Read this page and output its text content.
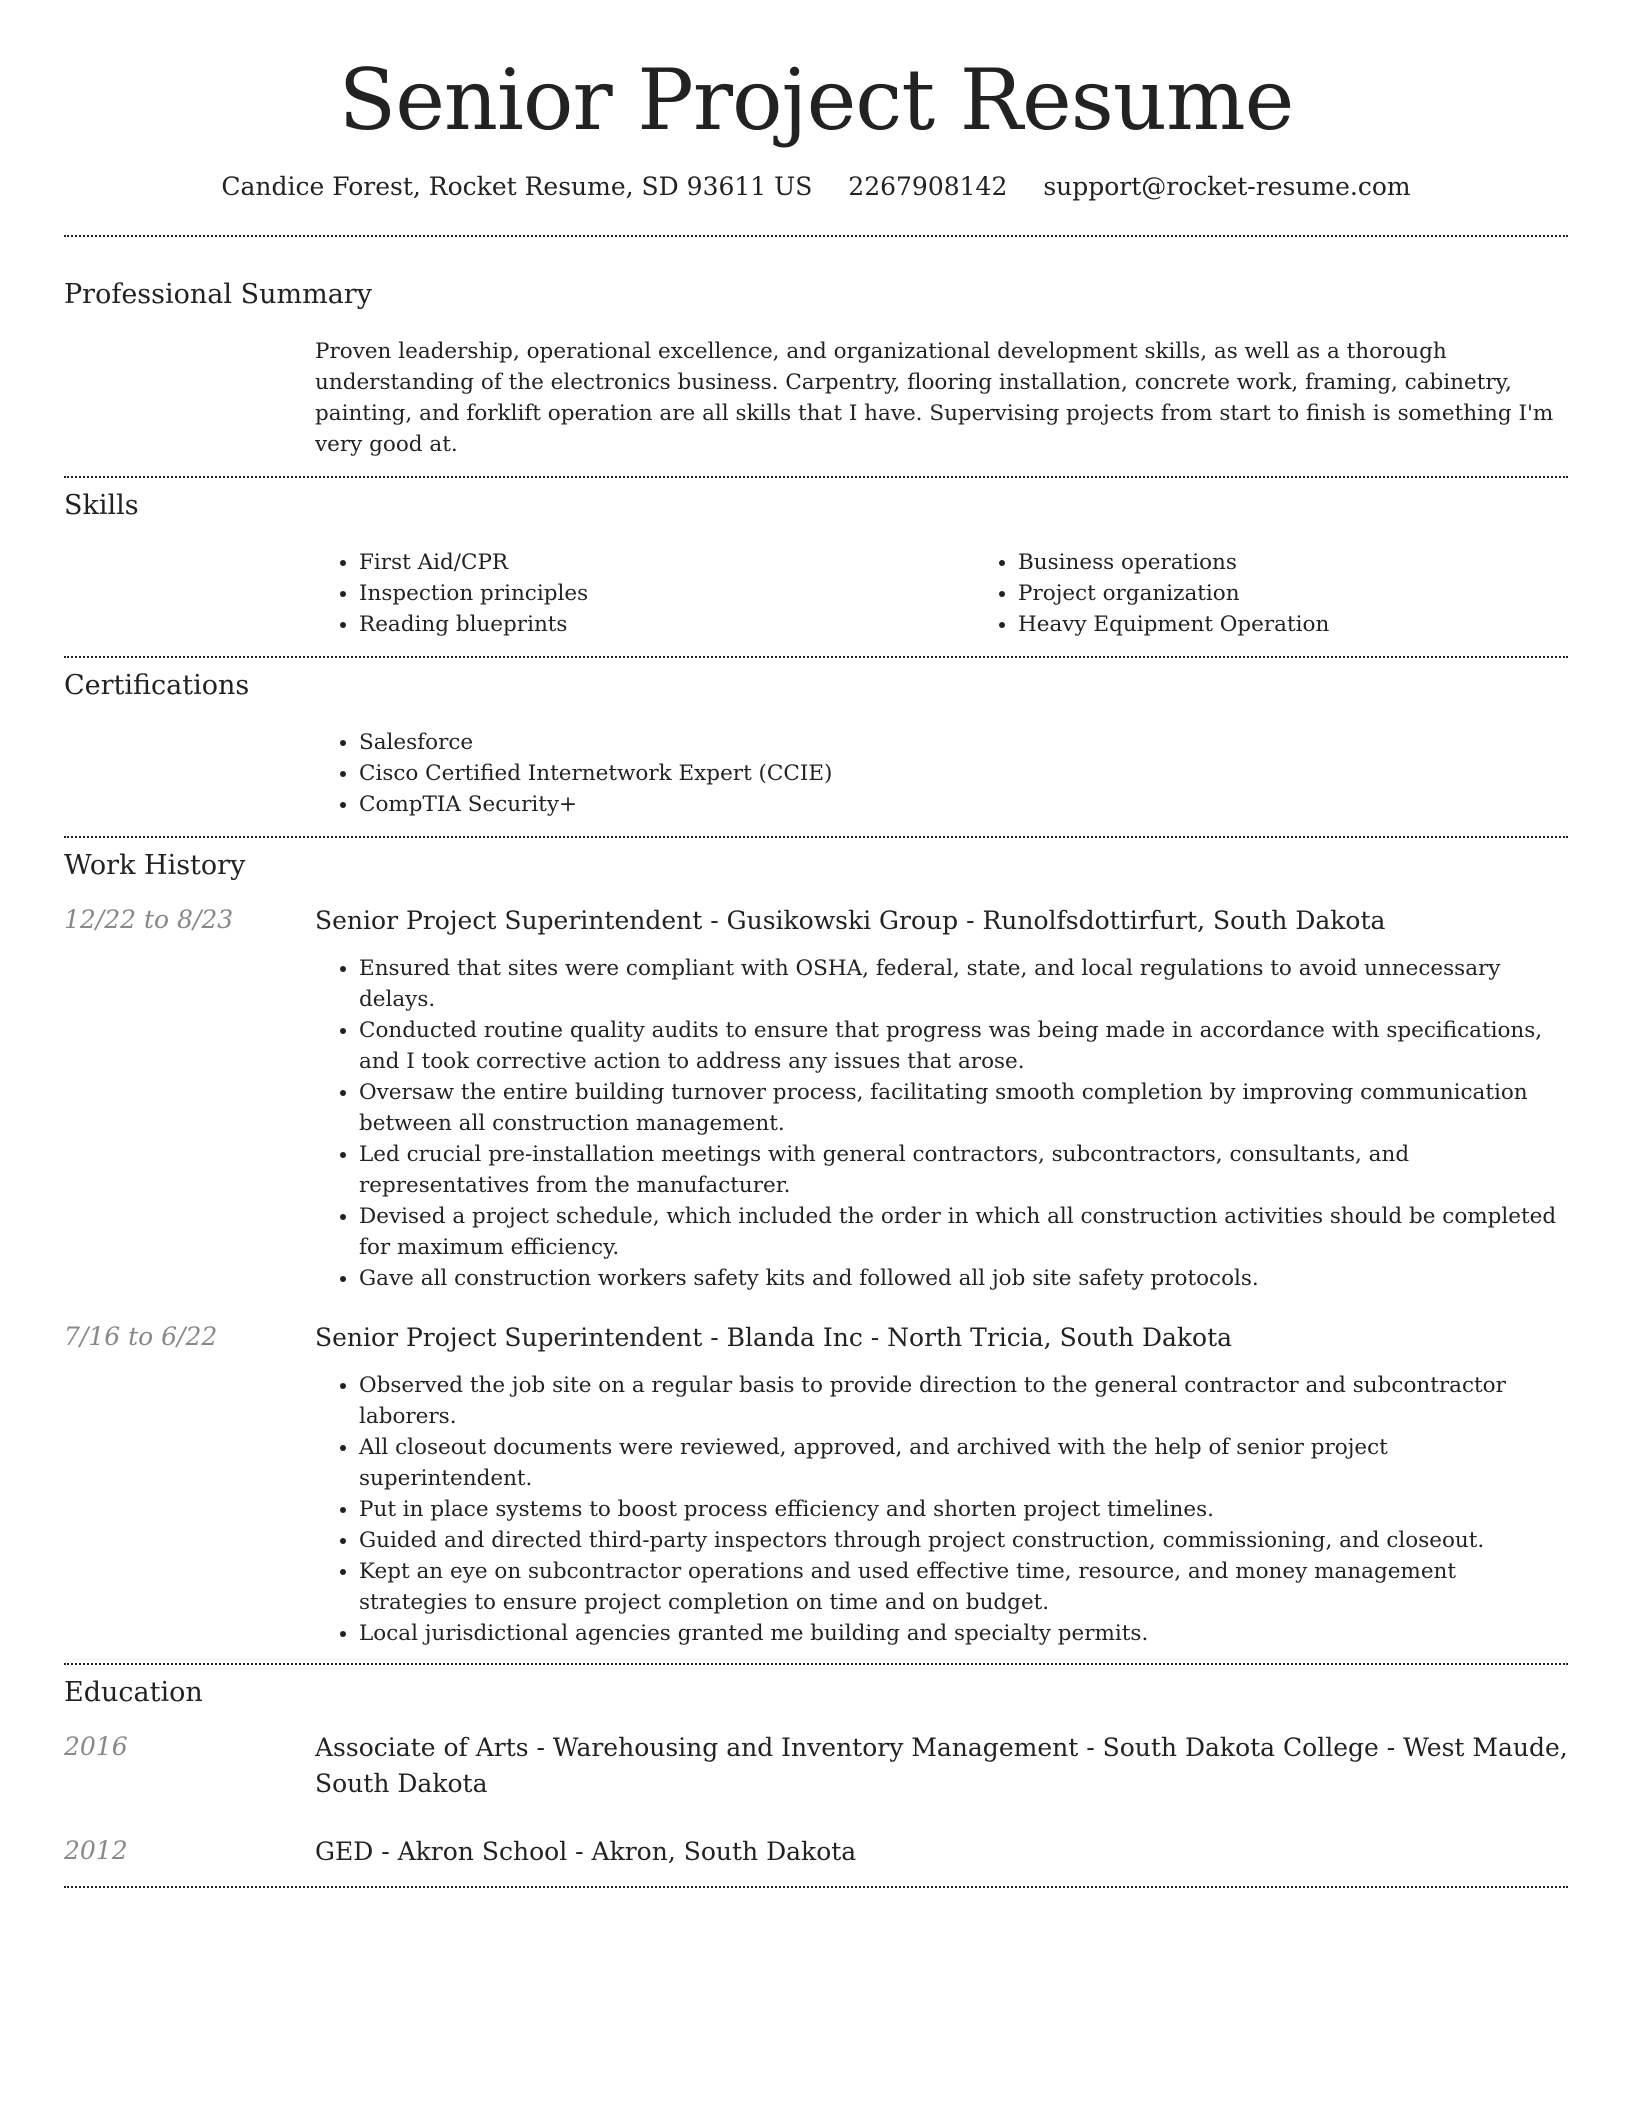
Senior Project Resume
Candice Forest, Rocket Resume, SD 93611 US 2267908142 support@rocket-resume.com
Professional Summary

Proven leadership, operational excellence, and organizational development skills, as well as a thorough understanding of the electronics business. Carpentry, flooring installation, concrete work, framing, cabinetry, painting, and forklift operation are all skills that I have. Supervising projects from start to finish is something I'm very good at.

Skills
• First Aid/CPR
• Inspection principles
• Reading blueprints
• Business operations
• Project organization
• Heavy Equipment Operation
Certifications
• Salesforce
• Cisco Certified Internetwork Expert (CCIE)
• CompTIA Security+
Work History
12/22 to 8/23	Senior Project Superintendent - Gusikowski Group - Runolfsdottirfurt, South Dakota
• Ensured that sites were compliant with OSHA, federal, state, and local regulations to avoid unnecessary delays.
• Conducted routine quality audits to ensure that progress was being made in accordance with specifications, and I took corrective action to address any issues that arose.
• Oversaw the entire building turnover process, facilitating smooth completion by improving communication between all construction management.
• Led crucial pre-installation meetings with general contractors, subcontractors, consultants, and representatives from the manufacturer.
• Devised a project schedule, which included the order in which all construction activities should be completed for maximum efficiency.
• Gave all construction workers safety kits and followed all job site safety protocols.
7/16 to 6/22	Senior Project Superintendent - Blanda Inc - North Tricia, South Dakota
• Observed the job site on a regular basis to provide direction to the general contractor and subcontractor laborers.
• All closeout documents were reviewed, approved, and archived with the help of senior project superintendent.
• Put in place systems to boost process efficiency and shorten project timelines.
• Guided and directed third-party inspectors through project construction, commissioning, and closeout.
• Kept an eye on subcontractor operations and used effective time, resource, and money management strategies to ensure project completion on time and on budget.
• Local jurisdictional agencies granted me building and specialty permits.
Education
2016	Associate of Arts - Warehousing and Inventory Management - South Dakota College - West Maude, South Dakota
2012	GED - Akron School - Akron, South Dakota
